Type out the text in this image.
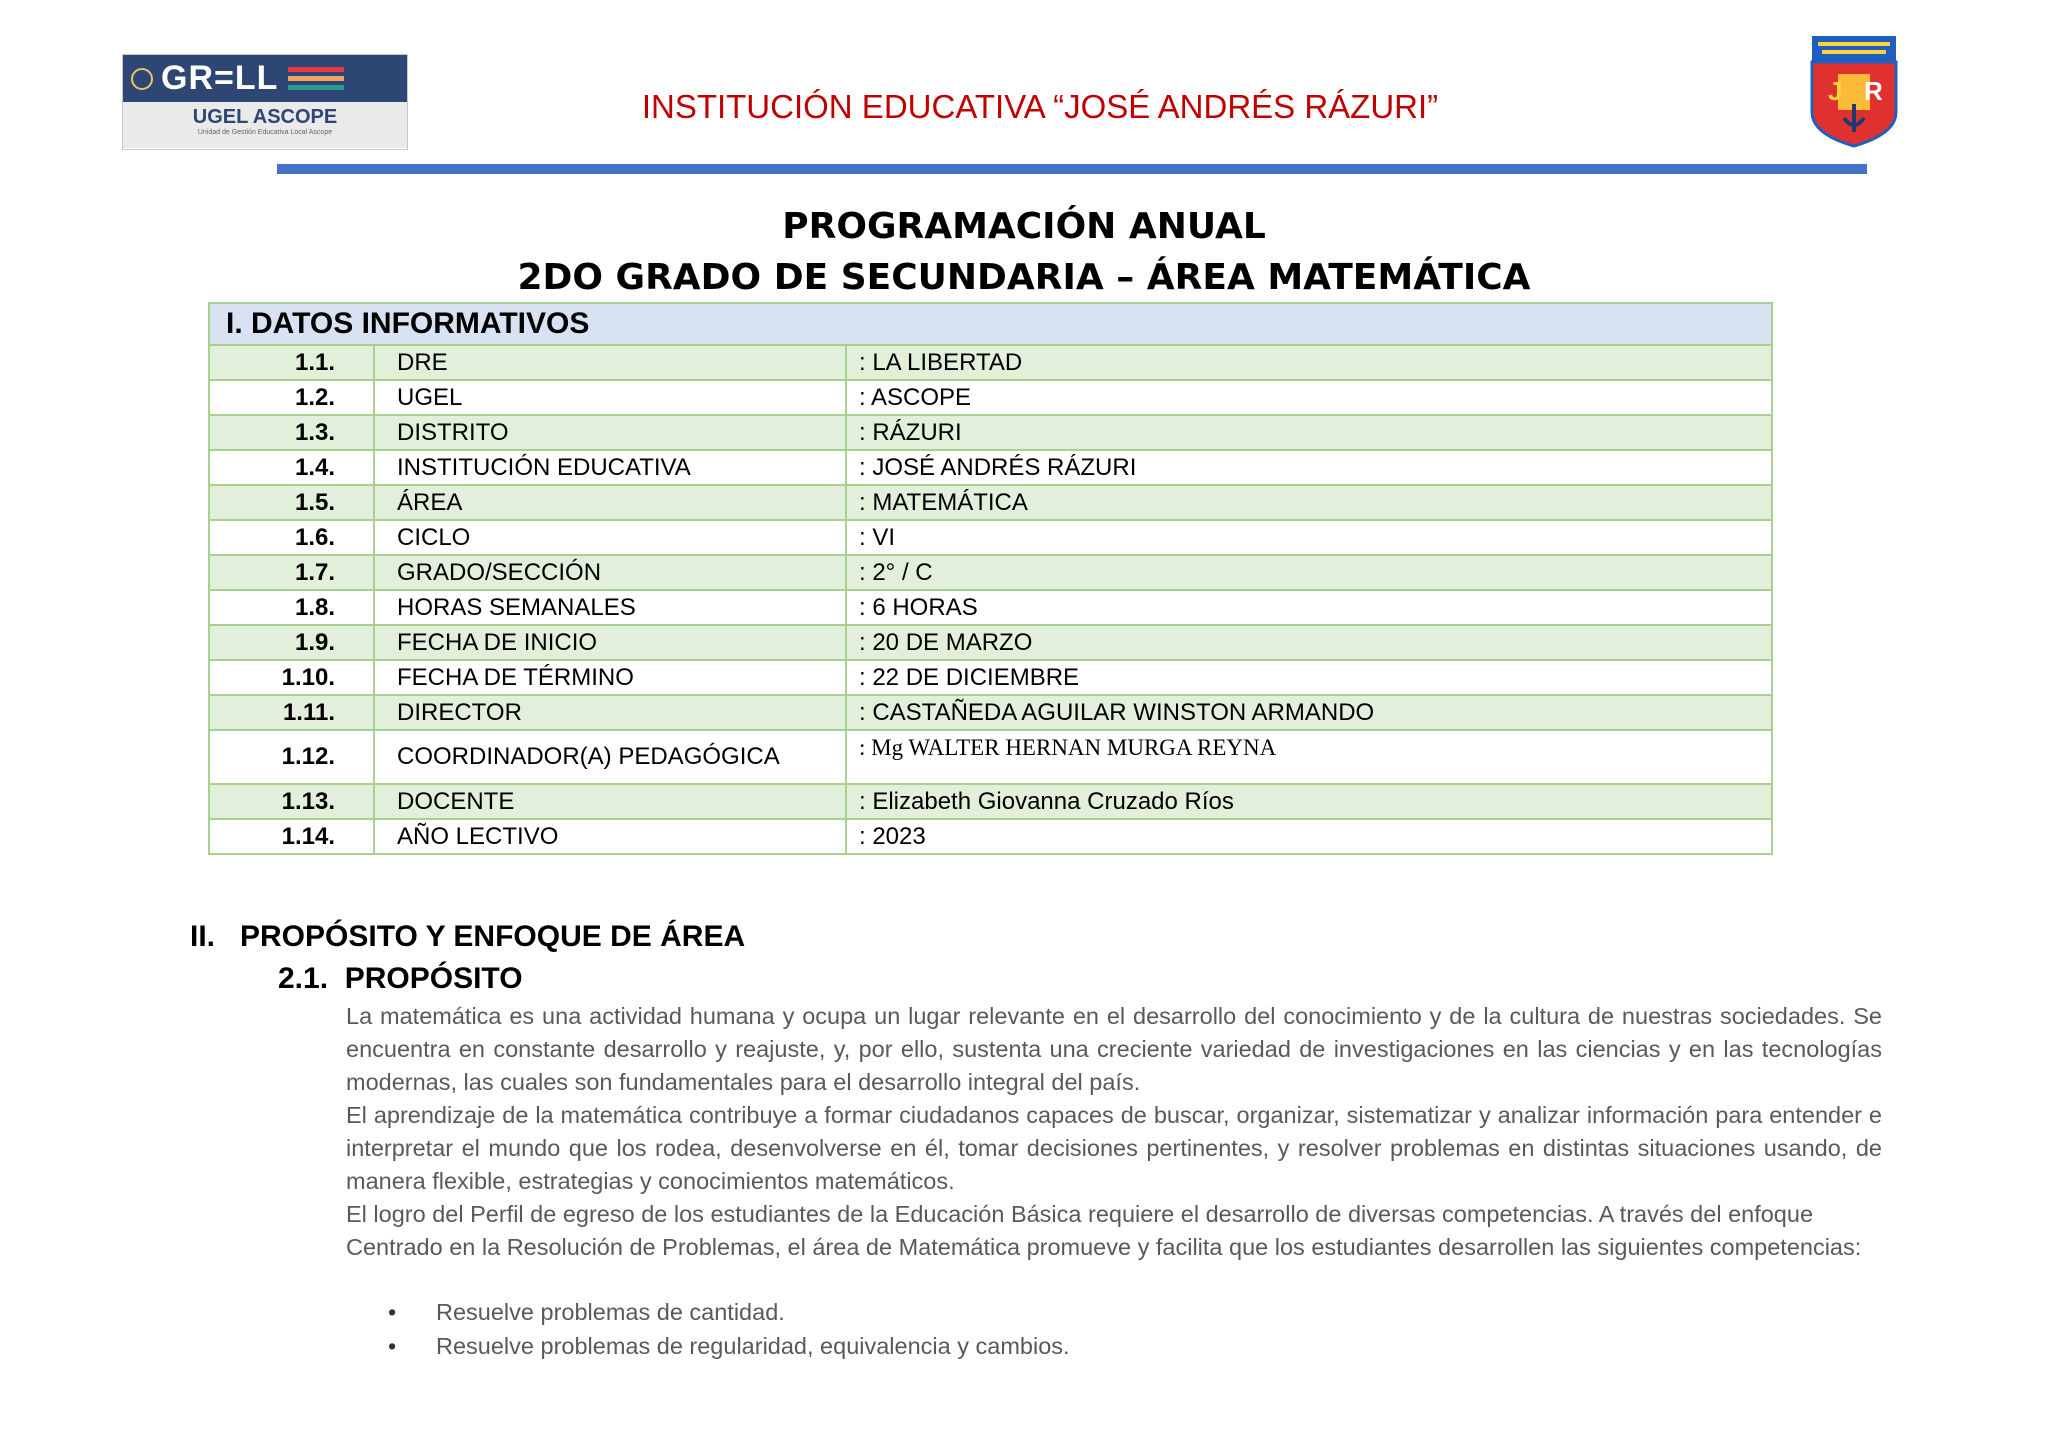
GR=LL
UGEL ASCOPE
Unidad de Gestión Educativa Local Ascope
INSTITUCIÓN EDUCATIVA “JOSÉ ANDRÉS RÁZURI”	J R
PROGRAMACIÓN ANUAL
2DO GRADO DE SECUNDARIA – ÁREA MATEMÁTICA
I. DATOS INFORMATIVOS		
1.1.	DRE	: LA LIBERTAD
1.2.	UGEL	: ASCOPE
1.3.	DISTRITO	: RÁZURI
1.4.	INSTITUCIÓN EDUCATIVA	: JOSÉ ANDRÉS RÁZURI
1.5.	ÁREA	: MATEMÁTICA
1.6.	CICLO	: VI
1.7.	GRADO/SECCIÓN	: 2° / C
1.8.	HORAS SEMANALES	: 6 HORAS
1.9.	FECHA DE INICIO	: 20 DE MARZO
1.10.	FECHA DE TÉRMINO	: 22 DE DICIEMBRE
1.11.	DIRECTOR	: CASTAÑEDA AGUILAR WINSTON ARMANDO
1.12.	COORDINADOR(A) PEDAGÓGICA	: Mg WALTER HERNAN MURGA REYNA
1.13.	DOCENTE	: Elizabeth Giovanna Cruzado Ríos
1.14.	AÑO LECTIVO	: 2023
II.   PROPÓSITO Y ENFOQUE DE ÁREA
2.1.  PROPÓSITO

La matemática es una actividad humana y ocupa un lugar relevante en el desarrollo del conocimiento y de la cultura de nuestras sociedades. Se encuentra en constante desarrollo y reajuste, y, por ello, sustenta una creciente variedad de investigaciones en las ciencias y en las tecnologías modernas, las cuales son fundamentales para el desarrollo integral del país.

El aprendizaje de la matemática contribuye a formar ciudadanos capaces de buscar, organizar, sistematizar y analizar información para entender e interpretar el mundo que los rodea, desenvolverse en él, tomar decisiones pertinentes, y resolver problemas en distintas situaciones usando, de manera flexible, estrategias y conocimientos matemáticos.

El logro del Perfil de egreso de los estudiantes de la Educación Básica requiere el desarrollo de diversas competencias. A través del enfoque Centrado en la Resolución de Problemas, el área de Matemática promueve y facilita que los estudiantes desarrollen las siguientes competencias:

• Resuelve problemas de cantidad.
• Resuelve problemas de regularidad, equivalencia y cambios.
